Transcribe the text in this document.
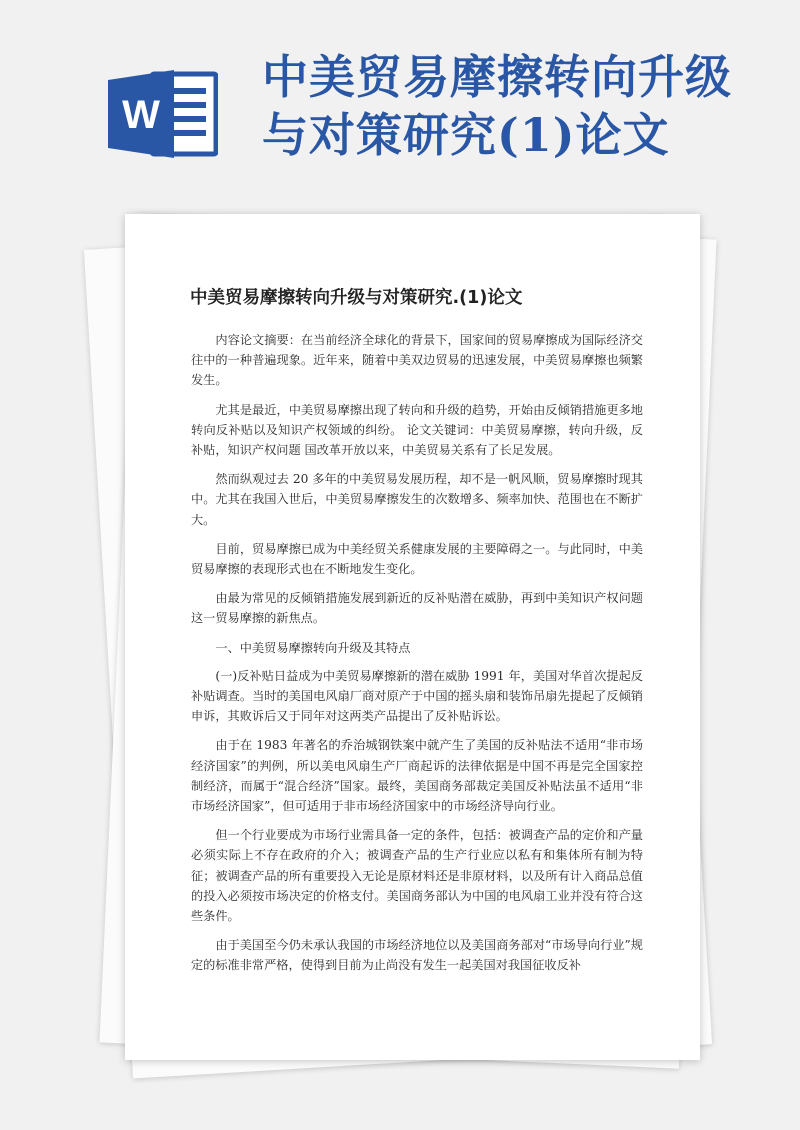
W
中美贸易摩擦转向升级
与对策研究(1)论文
中美贸易摩擦转向升级与对策研究.(1)论文

内容论文摘要：在当前经济全球化的背景下，国家间的贸易摩擦成为国际经济交往中的一种普遍现象。近年来，随着中美双边贸易的迅速发展，中美贸易摩擦也频繁发生。

尤其是最近，中美贸易摩擦出现了转向和升级的趋势，开始由反倾销措施更多地转向反补贴以及知识产权领域的纠纷。 论文关键词：中美贸易摩擦，转向升级，反补贴，知识产权问题 国改革开放以来，中美贸易关系有了长足发展。

然而纵观过去 20 多年的中美贸易发展历程，却不是一帆风顺，贸易摩擦时现其中。尤其在我国入世后，中美贸易摩擦发生的次数增多、频率加快、范围也在不断扩大。

目前，贸易摩擦已成为中美经贸关系健康发展的主要障碍之一。与此同时，中美贸易摩擦的表现形式也在不断地发生变化。

由最为常见的反倾销措施发展到新近的反补贴潜在威胁，再到中美知识产权问题这一贸易摩擦的新焦点。

一、中美贸易摩擦转向升级及其特点

(一)反补贴日益成为中美贸易摩擦新的潜在威胁 1991 年，美国对华首次提起反补贴调查。当时的美国电风扇厂商对原产于中国的摇头扇和装饰吊扇先提起了反倾销申诉，其败诉后又于同年对这两类产品提出了反补贴诉讼。

由于在 1983 年著名的乔治城钢铁案中就产生了美国的反补贴法不适用“非市场经济国家”的判例，所以美电风扇生产厂商起诉的法律依据是中国不再是完全国家控制经济，而属于“混合经济”国家。最终，美国商务部裁定美国反补贴法虽不适用“非市场经济国家”，但可适用于非市场经济国家中的市场经济导向行业。

但一个行业要成为市场行业需具备一定的条件，包括：被调查产品的定价和产量必须实际上不存在政府的介入；被调查产品的生产行业应以私有和集体所有制为特征；被调查产品的所有重要投入无论是原材料还是非原材料，以及所有计入商品总值的投入必须按市场决定的价格支付。美国商务部认为中国的电风扇工业并没有符合这些条件。

由于美国至今仍未承认我国的市场经济地位以及美国商务部对“市场导向行业”规定的标准非常严格，使得到目前为止尚没有发生一起美国对我国征收反补
